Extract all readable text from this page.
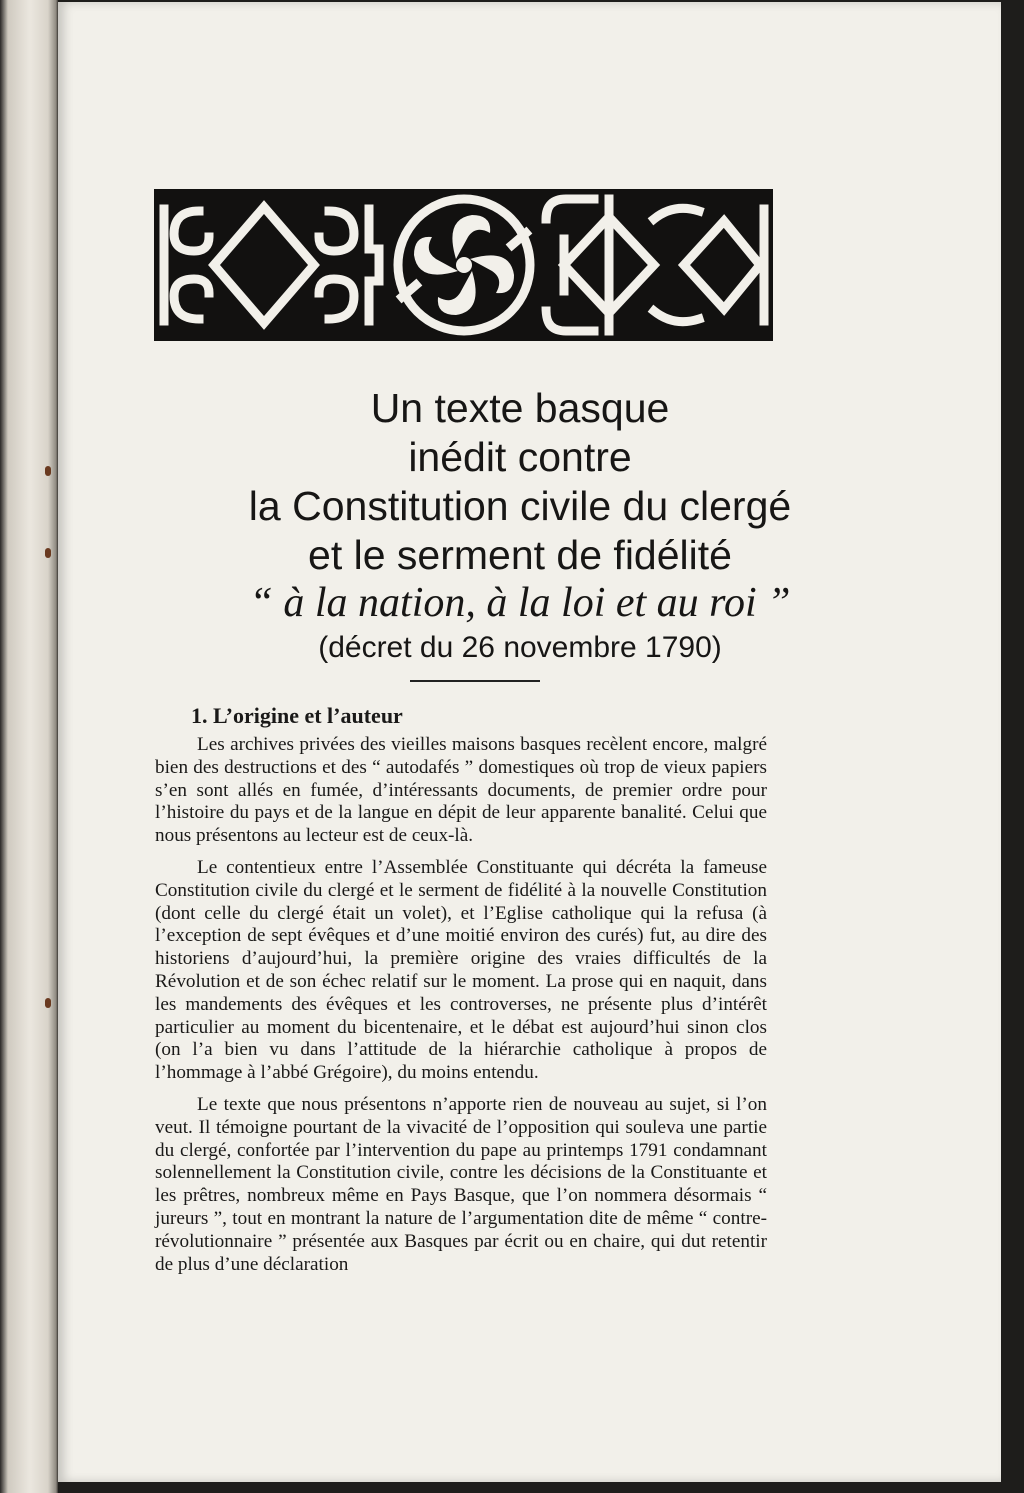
Un texte basque
inédit contre
la Constitution civile du clergé
et le serment de fidélité
“ à la nation, à la loi et au roi ”
(décret du 26 novembre 1790)
1. L’origine et l’auteur

Les archives privées des vieilles maisons basques recèlent encore, malgré bien des destructions et des “ autodafés ” domestiques où trop de vieux papiers s’en sont allés en fumée, d’intéressants documents, de premier ordre pour l’histoire du pays et de la langue en dépit de leur apparente banalité. Celui que nous présentons au lecteur est de ceux-là.

Le contentieux entre l’Assemblée Constituante qui décréta la fameuse Constitution civile du clergé et le serment de fidélité à la nouvelle Constitution (dont celle du clergé était un volet), et l’Eglise catholique qui la refusa (à l’exception de sept évêques et d’une moitié environ des curés) fut, au dire des historiens d’aujourd’hui, la première origine des vraies difficultés de la Révolution et de son échec relatif sur le moment. La prose qui en naquit, dans les mandements des évêques et les controverses, ne présente plus d’intérêt particulier au moment du bicentenaire, et le débat est aujourd’hui sinon clos (on l’a bien vu dans l’attitude de la hiérarchie catholique à propos de l’hommage à l’abbé Grégoire), du moins entendu.

Le texte que nous présentons n’apporte rien de nouveau au sujet, si l’on veut. Il témoigne pourtant de la vivacité de l’opposition qui souleva une partie du clergé, confortée par l’intervention du pape au printemps 1791 condamnant solennellement la Constitution civile, contre les décisions de la Constituante et les prêtres, nombreux même en Pays Basque, que l’on nommera désormais “ jureurs ”, tout en montrant la nature de l’argumentation dite de même “ contre-révolutionnaire ” présentée aux Basques par écrit ou en chaire, qui dut retentir de plus d’une déclaration
